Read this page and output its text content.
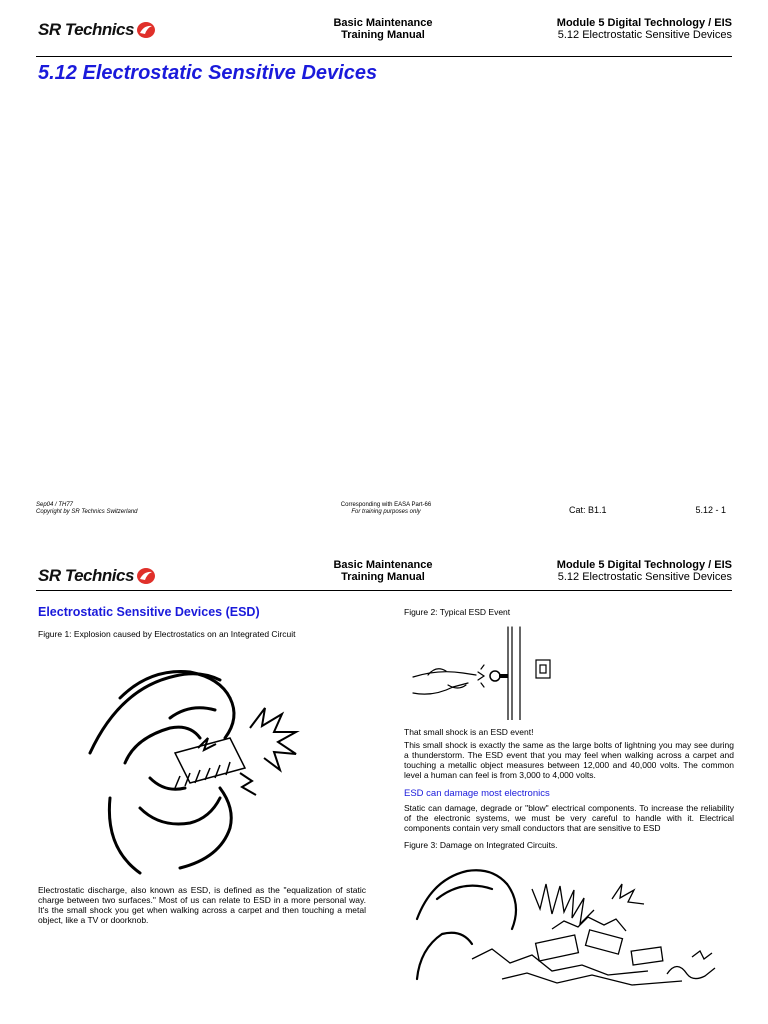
SR Technics	Basic Maintenance
Training Manual
Module 5 Digital Technology / EIS
5.12 Electrostatic Sensitive Devices
5.12 Electrostatic Sensitive Devices
Sep04 / TH77
Copyright by SR Technics Switzerland
Corresponding with EASA Part-66
For training purposes only	Cat: B1.1	5.12 - 1
SR Technics
Basic Maintenance
Training Manual
Module 5 Digital Technology / EIS
5.12 Electrostatic Sensitive Devices
Electrostatic Sensitive Devices (ESD)
Figure 1: Explosion caused by Electrostatics on an Integrated Circuit
Electrostatic discharge, also known as ESD, is defined as the "equalization of static charge between two surfaces." Most of us can relate to ESD in a more personal way. It's the small shock you get when walking across a carpet and then touching a metal object, like a TV or doorknob.
Figure 2: Typical ESD Event
That small shock is an ESD event!
This small shock is exactly the same as the large bolts of lightning you may see during a thunderstorm. The ESD event that you may feel when walking across a carpet and touching a metallic object measures between 12,000 and 40,000 volts. The common level a human can feel is from 3,000 to 4,000 volts.
ESD can damage most electronics
Static can damage, degrade or "blow" electrical components. To increase the reliability of the electronic systems, we must be very careful to handle with it. Electrical components contain very small conductors that are sensitive to ESD
Figure 3: Damage on Integrated Circuits.
